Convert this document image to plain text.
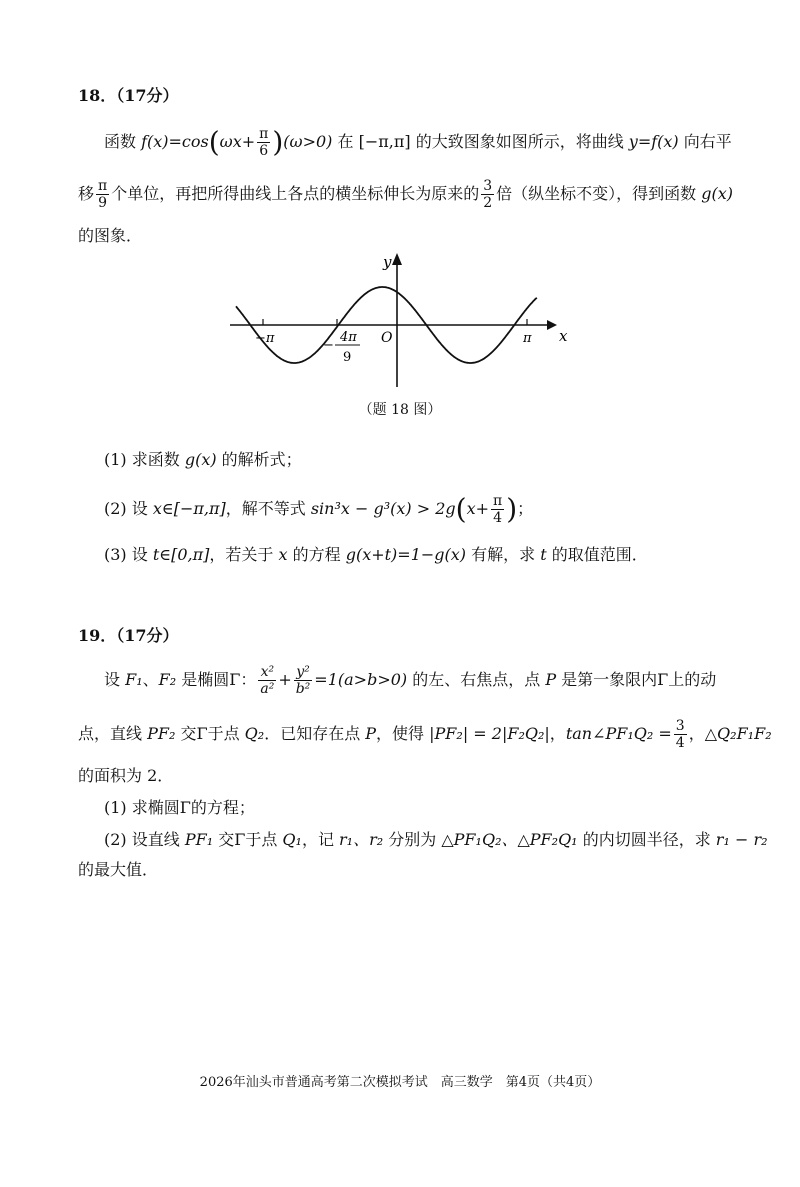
18．（17分）
函数 $f(x)=\cos(\omega x+ \frac{\pi}{6} )(\omega>0)$ 在 [−π,π] 的大致图象如图所示，将曲线 y=f(x) 向右平
移 $\frac{\pi}{9}$ 个单位，再把所得曲线上各点的横坐标伸长为原来的 $\frac{3}{2}$ 倍（纵坐标不变），得到函数 g(x)
的图象．
y
x
O
−π	π
−
4π
9
（题 18 图）
(1) 求函数 g(x) 的解析式；
(2) 设 x∈[−π,π]，解不等式 $\sin^3x - g^3(x) > 2g(x+ \frac{\pi}{4}$ )；
(3) 设 t∈[0,π]，若关于 x 的方程 g(x+t)=1−g(x) 有解，求 t 的取值范围．
19．（17分）
设 F₁、F₂ 是椭圆Γ： $\frac{\text{x²}}{\text{a²}} + \frac{\text{y²}}{\text{b²}} =1(a>b>0)$ 的左、右焦点，点 P 是第一象限内Γ上的动
点，直线 PF₂ 交Γ于点 Q₂．已知存在点 P，使得 |PF₂| = 2|F₂Q₂|，tan∠PF₁Q₂ = $\frac{3}{4}$ ，△Q₂F₁F₂
的面积为 2．
(1) 求椭圆Γ的方程；
(2) 设直线 PF₁ 交Γ于点 Q₁，记 r₁、r₂ 分别为 △PF₁Q₂、△PF₂Q₁ 的内切圆半径，求 r₁ − r₂
的最大值．
2026年汕头市普通高考第二次模拟考试　高三数学　第4页（共4页）
